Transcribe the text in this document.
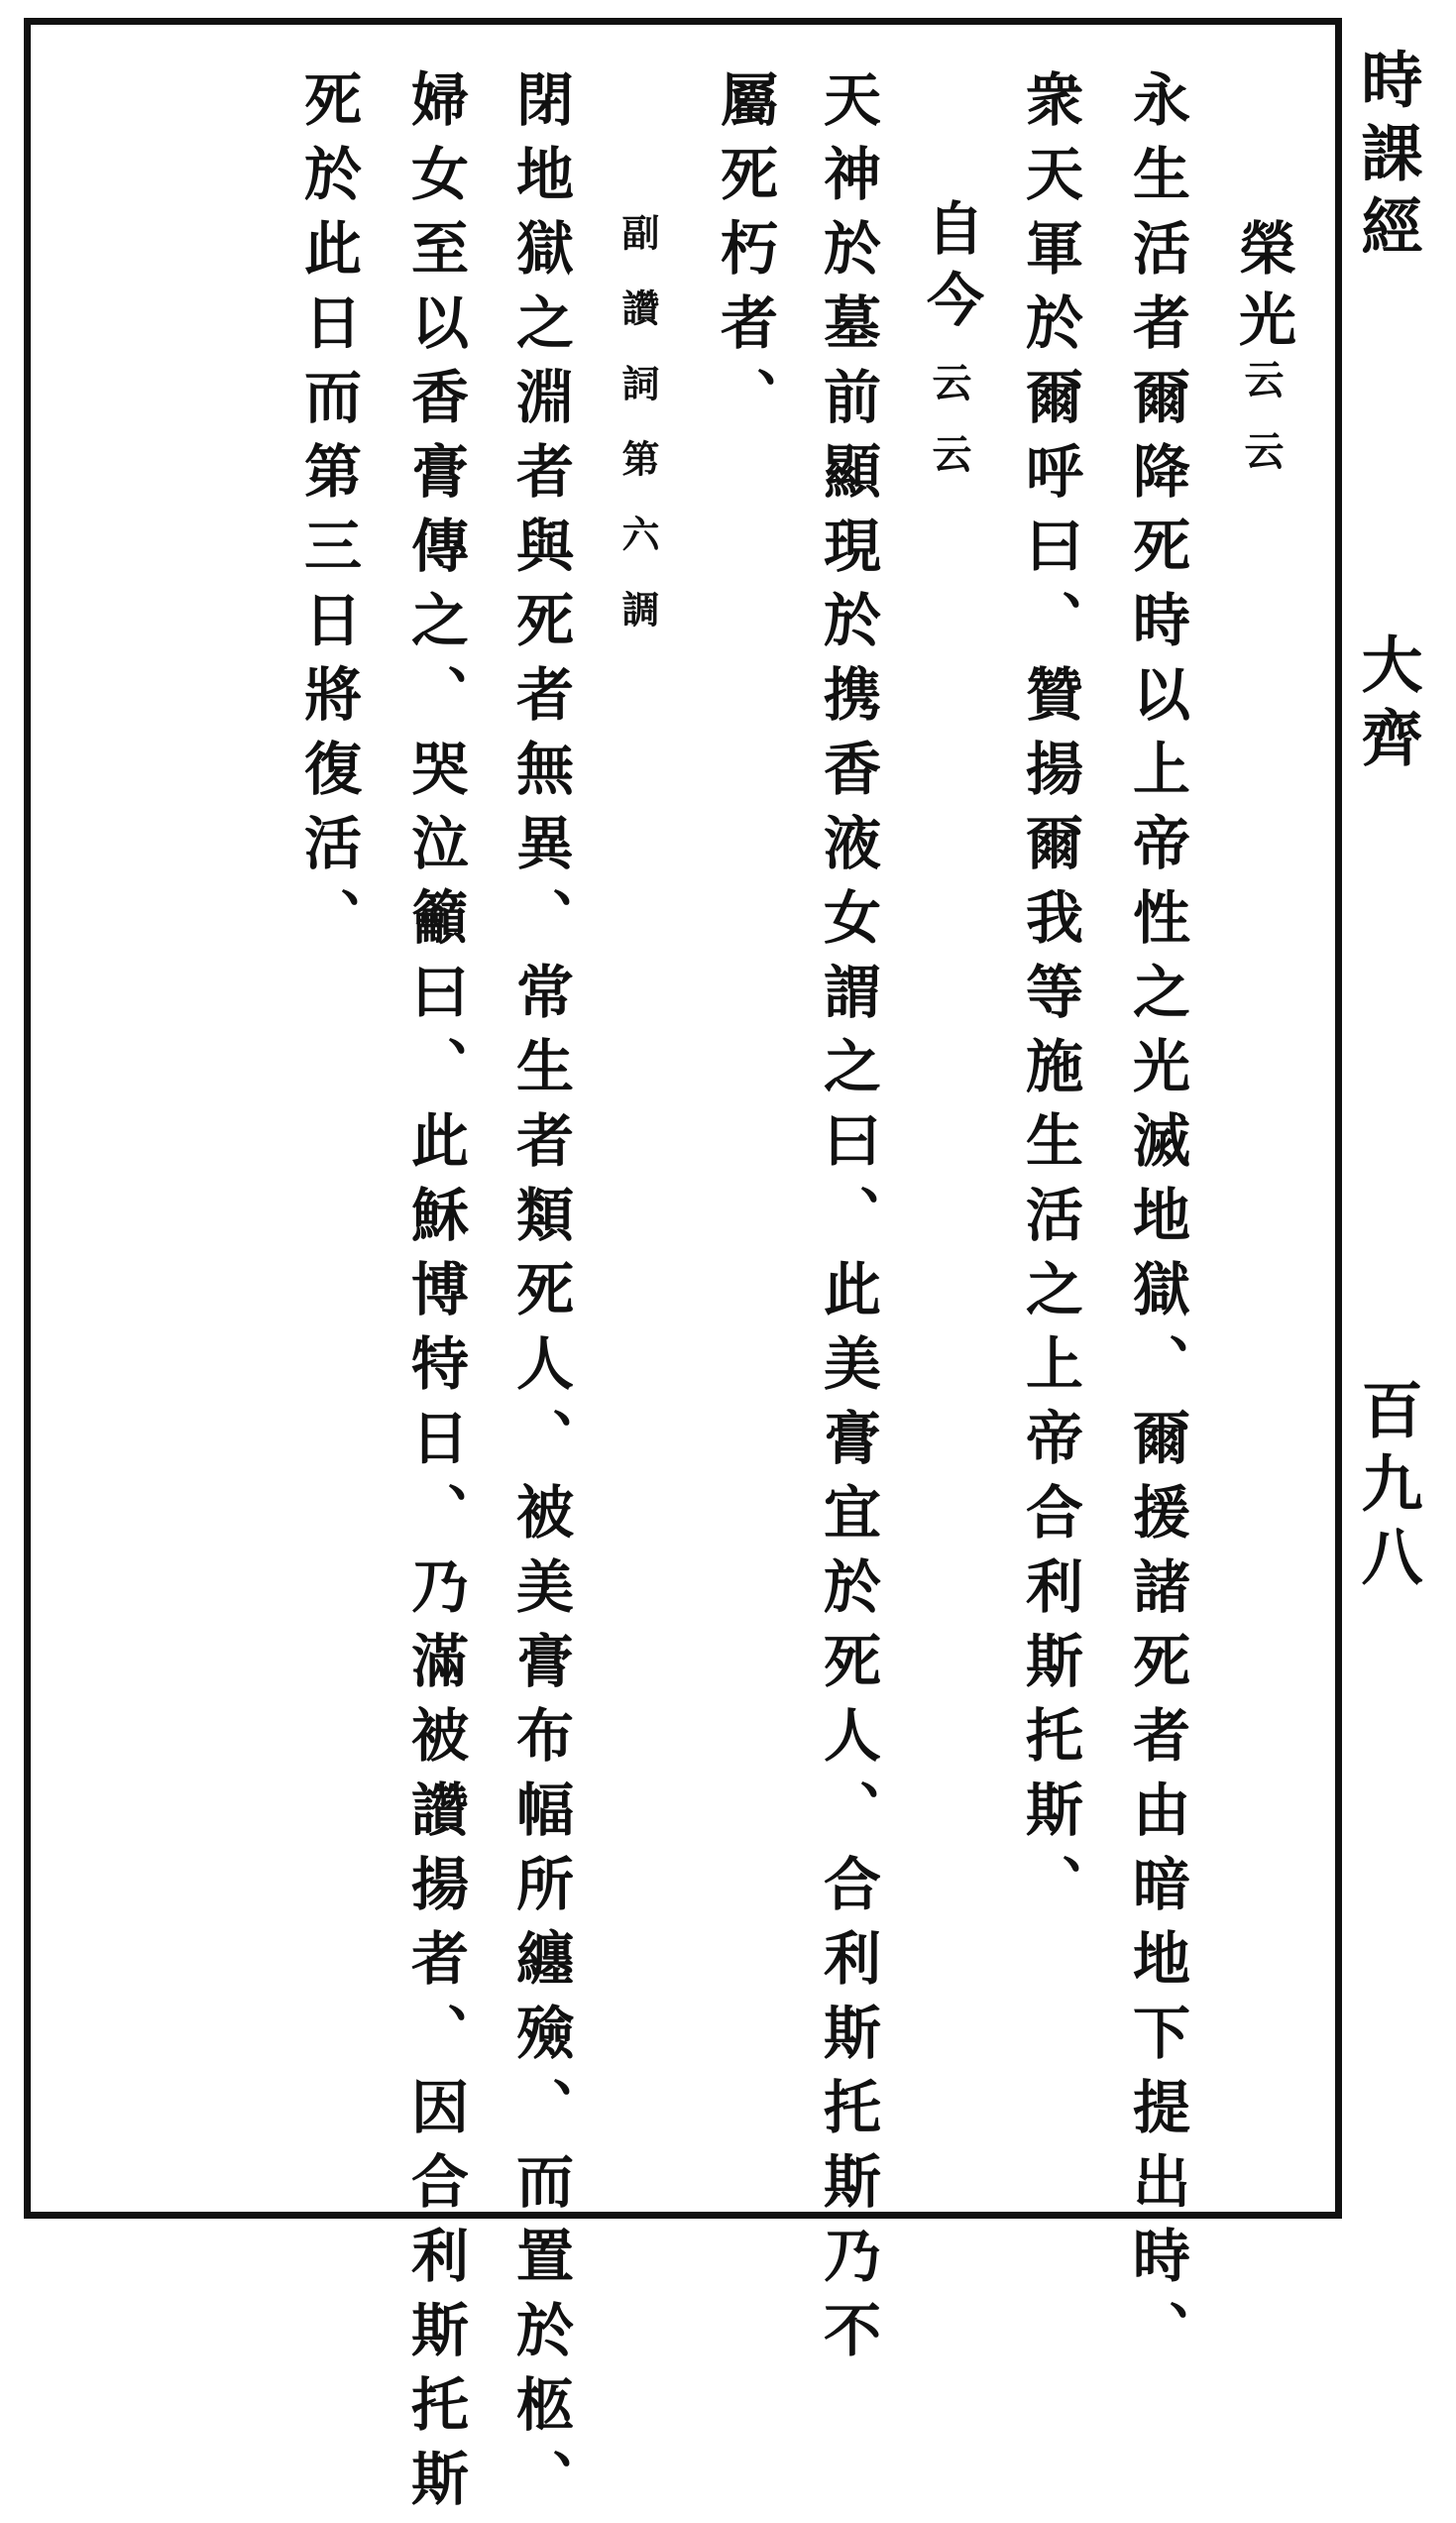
時課經
大齊
百九八
永生活者爾降死時以上帝性之光滅地獄、爾援諸死者由暗地下提出時、 榮光
云云
衆天軍於爾呼曰、贊揚爾我等施生活之上帝合利斯托斯、
自今
云云
天神於墓前顯現於携香液女謂之曰、此美膏宜於死人、合利斯托斯乃不
屬死朽者、
副讚詞第六調
閉地獄之淵者與死者無異、常生者類死人、被美膏布幅所纏殮、而置於柩、
婦女至以香膏傳之、哭泣籲曰、此穌博特日、乃滿被讚揚者、因合利斯托斯
死於此日而第三日將復活、
